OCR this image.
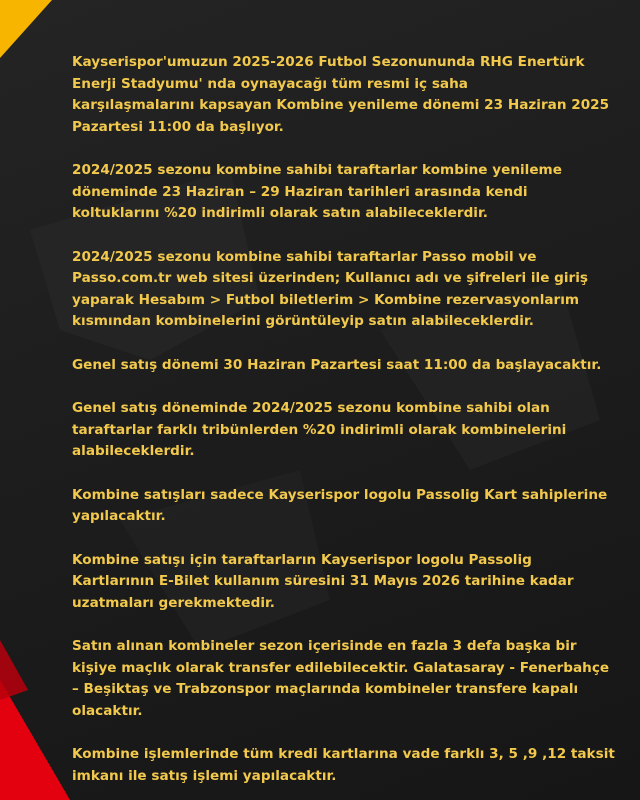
Kayserispor'umuzun 2025-2026 Futbol Sezonununda RHG Enertürk
Enerji Stadyumu' nda oynayacağı tüm resmi iç saha
karşılaşmalarını kapsayan Kombine yenileme dönemi 23 Haziran 2025
Pazartesi 11:00 da başlıyor.

2024/2025 sezonu kombine sahibi taraftarlar kombine yenileme
döneminde 23 Haziran – 29 Haziran tarihleri arasında kendi
koltuklarını %20 indirimli olarak satın alabileceklerdir.

2024/2025 sezonu kombine sahibi taraftarlar Passo mobil ve
Passo.com.tr web sitesi üzerinden; Kullanıcı adı ve şifreleri ile giriş
yaparak Hesabım > Futbol biletlerim > Kombine rezervasyonlarım
kısmından kombinelerini görüntüleyip satın alabileceklerdir.

Genel satış dönemi 30 Haziran Pazartesi saat 11:00 da başlayacaktır.

Genel satış döneminde 2024/2025 sezonu kombine sahibi olan
taraftarlar farklı tribünlerden %20 indirimli olarak kombinelerini
alabileceklerdir.

Kombine satışları sadece Kayserispor logolu Passolig Kart sahiplerine
yapılacaktır.

Kombine satışı için taraftarların Kayserispor logolu Passolig
Kartlarının E-Bilet kullanım süresini 31 Mayıs 2026 tarihine kadar
uzatmaları gerekmektedir.

Satın alınan kombineler sezon içerisinde en fazla 3 defa başka bir
kişiye maçlık olarak transfer edilebilecektir. Galatasaray - Fenerbahçe
– Beşiktaş ve Trabzonspor maçlarında kombineler transfere kapalı
olacaktır.

Kombine işlemlerinde tüm kredi kartlarına vade farklı 3, 5 ,9 ,12 taksit
imkanı ile satış işlemi yapılacaktır.
